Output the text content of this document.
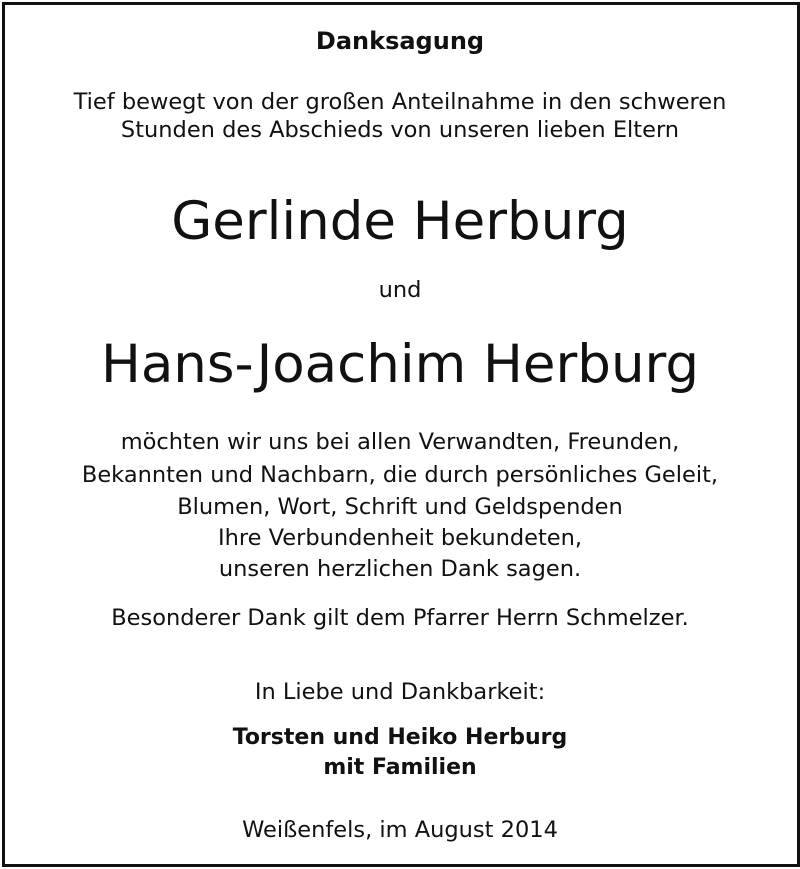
Danksagung
Tief bewegt von der großen Anteilnahme in den schweren
Stunden des Abschieds von unseren lieben Eltern
Gerlinde Herburg
und
Hans-Joachim Herburg
möchten wir uns bei allen Verwandten, Freunden,
Bekannten und Nachbarn, die durch persönliches Geleit,
Blumen, Wort, Schrift und Geldspenden
Ihre Verbundenheit bekundeten,
unseren herzlichen Dank sagen.
Besonderer Dank gilt dem Pfarrer Herrn Schmelzer.
In Liebe und Dankbarkeit:
Torsten und Heiko Herburg
mit Familien
Weißenfels, im August 2014
